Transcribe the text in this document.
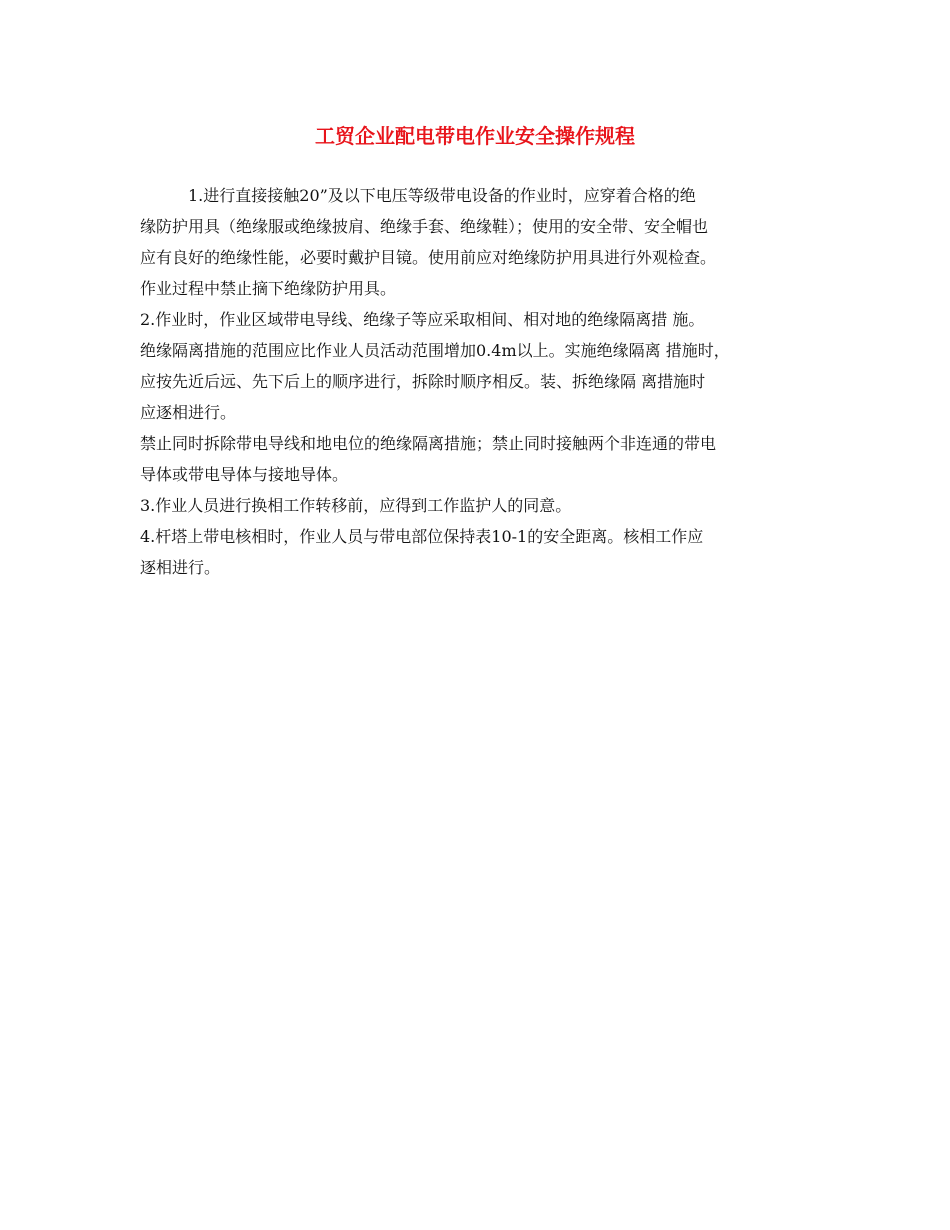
工贸企业配电带电作业安全操作规程

1.进行直接接触20”及以下电压等级带电设备的作业时，应穿着合格的绝

缘防护用具（绝缘服或绝缘披肩、绝缘手套、绝缘鞋）；使用的安全带、安全帽也

应有良好的绝缘性能，必要时戴护目镜。使用前应对绝缘防护用具进行外观检查。

作业过程中禁止摘下绝缘防护用具。

2.作业时，作业区域带电导线、绝缘子等应采取相间、相对地的绝缘隔离措 施。

绝缘隔离措施的范围应比作业人员活动范围增加0.4m以上。实施绝缘隔离 措施时，

应按先近后远、先下后上的顺序进行，拆除时顺序相反。装、拆绝缘隔 离措施时

应逐相进行。

禁止同时拆除带电导线和地电位的绝缘隔离措施；禁止同时接触两个非连通的带电

导体或带电导体与接地导体。

3.作业人员进行换相工作转移前，应得到工作监护人的同意。

4.杆塔上带电核相时，作业人员与带电部位保持表10-1的安全距离。核相工作应

逐相进行。
